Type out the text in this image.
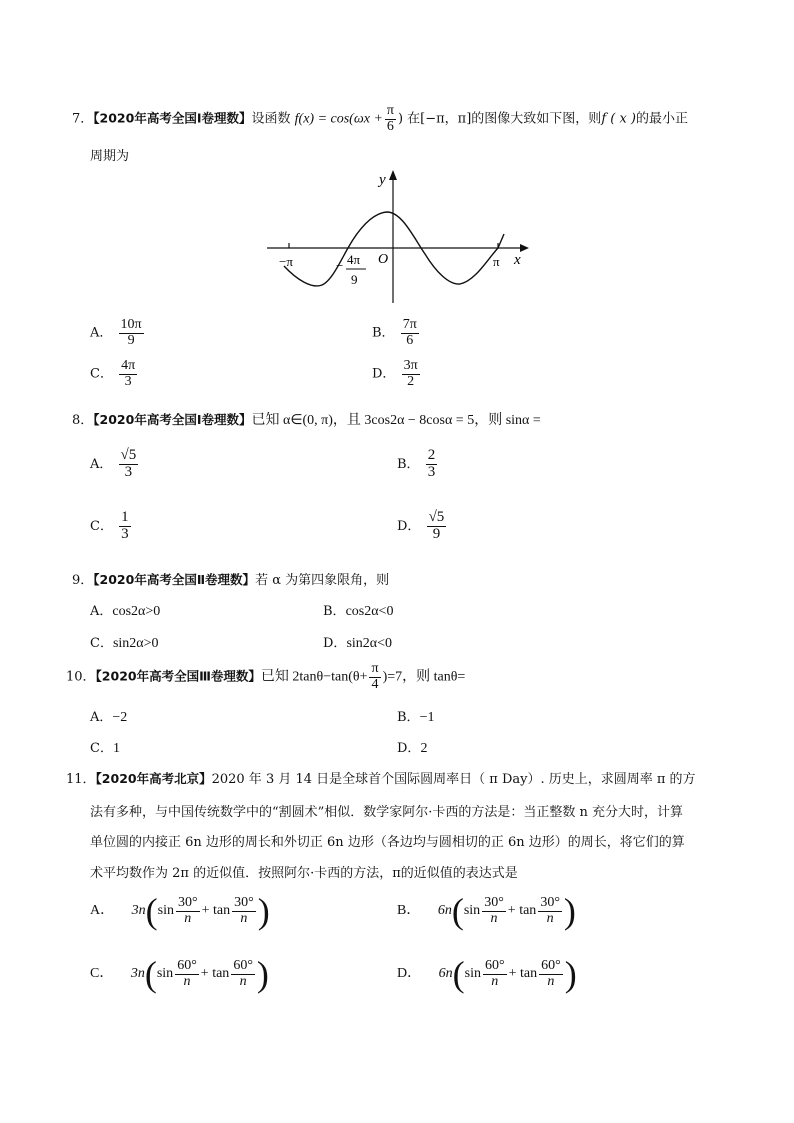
7．【2020年高考全国Ⅰ卷理数】设函数 $f(x) = \cos(\omega x + \frac{\pi}{6}$ ) 在[−π，π]的图像大致如下图，则f ( x )的最小正
周期为
y
x
O
−π	π
− 4π
9
A． $\frac{10\pi}{9}$	B． $\frac{7\pi}{6}$
C． $\frac{4\pi}{3}$	D． $\frac{3\pi}{2}$
8．【2020年高考全国Ⅰ卷理数】已知 α∈(0, π)，且 3cos2α − 8cosα = 5，则 sinα =
A． $\frac{√5}{3}$	B． $\frac{2}{3}$
C． $\frac{1}{3}$	D． $\frac{√5}{9}$
9．【2020年高考全国Ⅱ卷理数】若 α 为第四象限角，则
A．cos2α>0	B．cos2α<0
C．sin2α>0	D．sin2α<0
10．【2020年高考全国Ⅲ卷理数】已知 $2\tan\theta-\tan(\theta+ \frac{\pi}{4} )=7$，则 tanθ=
A．−2	B．−1
C．1	D．2
11．【2020年高考北京】2020 年 3 月 14 日是全球首个国际圆周率日（ π Day）. 历史上，求圆周率 π 的方
法有多种，与中国传统数学中的“割圆术”相似．数学家阿尔·卡西的方法是：当正整数 n 充分大时，计算
单位圆的内接正 6n 边形的周长和外切正 6n 边形（各边均与圆相切的正 6n 边形）的周长，将它们的算
术平均数作为 2π 的近似值．按照阿尔·卡西的方法，π的近似值的表达式是
A． $3n(\sin \frac{30^\circ}{n} + \tan \frac{30^\circ}{n}$ )	B． $6n(\sin \frac{30^\circ}{n} + \tan \frac{30^\circ}{n}$ )
C． $3n(\sin \frac{60^\circ}{n} + \tan \frac{60^\circ}{n}$ )	D． $6n(\sin \frac{60^\circ}{n} + \tan \frac{60^\circ}{n}$ )
